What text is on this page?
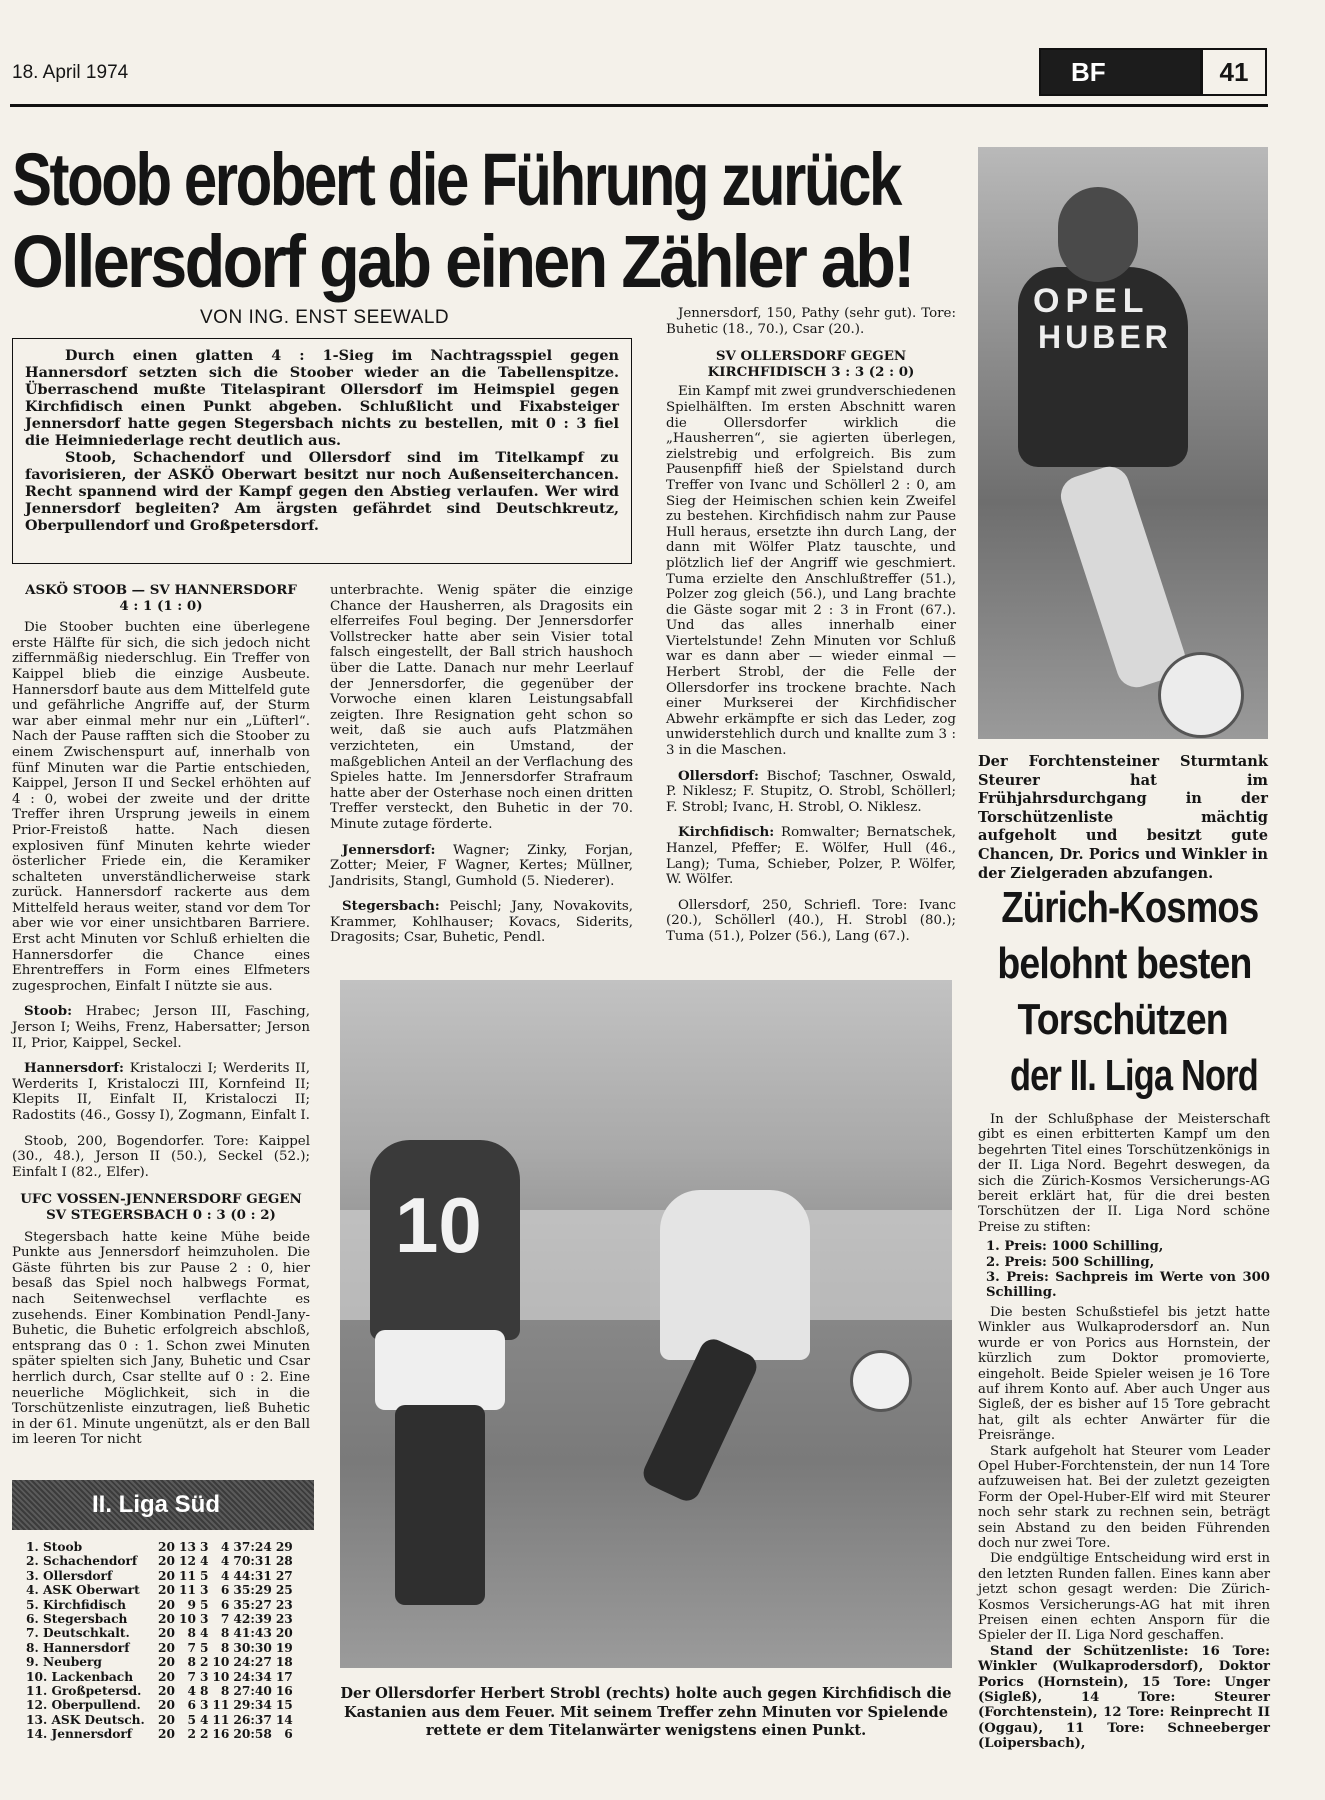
18. April 1974	BF	41
Stoob erobert die Führung zurück
Ollersdorf gab einen Zähler ab!
VON ING. ENST SEEWALD

Durch einen glatten 4 : 1-Sieg im Nachtragsspiel gegen Hannersdorf setzten sich die Stoober wieder an die Tabellenspitze. Überraschend mußte Titelaspirant Ollersdorf im Heimspiel gegen Kirchfidisch einen Punkt abgeben. Schlußlicht und Fixabsteiger Jennersdorf hatte gegen Stegersbach nichts zu bestellen, mit 0 : 3 fiel die Heimniederlage recht deutlich aus.

Stoob, Schachendorf und Ollersdorf sind im Titelkampf zu favorisieren, der ASKÖ Oberwart besitzt nur noch Außenseiterchancen. Recht spannend wird der Kampf gegen den Abstieg verlaufen. Wer wird Jennersdorf begleiten? Am ärgsten gefährdet sind Deutschkreutz, Oberpullendorf und Großpetersdorf.

ASKÖ STOOB — SV HANNERSDORF
4 : 1 (1 : 0)

Die Stoober buchten eine überlegene erste Hälfte für sich, die sich jedoch nicht ziffernmäßig niederschlug. Ein Treffer von Kaippel blieb die einzige Ausbeute. Hannersdorf baute aus dem Mittelfeld gute und gefährliche Angriffe auf, der Sturm war aber einmal mehr nur ein „Lüfterl“. Nach der Pause rafften sich die Stoober zu einem Zwischenspurt auf, innerhalb von fünf Minuten war die Partie entschieden, Kaippel, Jerson II und Seckel erhöhten auf 4 : 0, wobei der zweite und der dritte Treffer ihren Ursprung jeweils in einem Prior-Freistoß hatte. Nach diesen explosiven fünf Minuten kehrte wieder österlicher Friede ein, die Keramiker schalteten unverständlicherweise stark zurück. Hannersdorf rackerte aus dem Mittelfeld heraus weiter, stand vor dem Tor aber wie vor einer unsichtbaren Barriere. Erst acht Minuten vor Schluß erhielten die Hannersdorfer die Chance eines Ehrentreffers in Form eines Elfmeters zugesprochen, Einfalt I nützte sie aus.

Stoob: Hrabec; Jerson III, Fasching, Jerson I; Weihs, Frenz, Habersatter; Jerson II, Prior, Kaippel, Seckel.

Hannersdorf: Kristaloczi I; Werderits II, Werderits I, Kristaloczi III, Kornfeind II; Klepits II, Einfalt II, Kristaloczi II; Radostits (46., Gossy I), Zogmann, Einfalt I.

Stoob, 200, Bogendorfer. Tore: Kaippel (30., 48.), Jerson II (50.), Seckel (52.); Einfalt I (82., Elfer).

UFC VOSSEN-JENNERSDORF GEGEN SV STEGERSBACH 0 : 3 (0 : 2)

Stegersbach hatte keine Mühe beide Punkte aus Jennersdorf heimzuholen. Die Gäste führten bis zur Pause 2 : 0, hier besaß das Spiel noch halbwegs Format, nach Seitenwechsel verflachte es zusehends. Einer Kombination Pendl-Jany-Buhetic, die Buhetic erfolgreich abschloß, entsprang das 0 : 1. Schon zwei Minuten später spielten sich Jany, Buhetic und Csar herrlich durch, Csar stellte auf 0 : 2. Eine neuerliche Möglichkeit, sich in die Torschützenliste einzutragen, ließ Buhetic in der 61. Minute ungenützt, als er den Ball im leeren Tor nicht

II. Liga Süd
1. Stoob	20	13	3	4	37:24	29
2. Schachendorf	20	12	4	4	70:31	28
3. Ollersdorf	20	11	5	4	44:31	27
4. ASK Oberwart	20	11	3	6	35:29	25
5. Kirchfidisch	20	9	5	6	35:27	23
6. Stegersbach	20	10	3	7	42:39	23
7. Deutschkalt.	20	8	4	8	41:43	20
8. Hannersdorf	20	7	5	8	30:30	19
9. Neuberg	20	8	2	10	24:27	18
10. Lackenbach	20	7	3	10	24:34	17
11. Großpetersd.	20	4	8	8	27:40	16
12. Oberpullend.	20	6	3	11	29:34	15
13. ASK Deutsch.	20	5	4	11	26:37	14
14. Jennersdorf	20	2	2	16	20:58	6

unterbrachte. Wenig später die einzige Chance der Hausherren, als Dragosits ein elferreifes Foul beging. Der Jennersdorfer Vollstrecker hatte aber sein Visier total falsch eingestellt, der Ball strich haushoch über die Latte. Danach nur mehr Leerlauf der Jennersdorfer, die gegenüber der Vorwoche einen klaren Leistungsabfall zeigten. Ihre Resignation geht schon so weit, daß sie auch aufs Platzmähen verzichteten, ein Umstand, der maßgeblichen Anteil an der Verflachung des Spieles hatte. Im Jennersdorfer Strafraum hatte aber der Osterhase noch einen dritten Treffer versteckt, den Buhetic in der 70. Minute zutage förderte.

Jennersdorf: Wagner; Zinky, Forjan, Zotter; Meier, F Wagner, Kertes; Müllner, Jandrisits, Stangl, Gumhold (5. Niederer).

Stegersbach: Peischl; Jany, Novakovits, Krammer, Kohlhauser; Kovacs, Siderits, Dragosits; Csar, Buhetic, Pendl.

Jennersdorf, 150, Pathy (sehr gut). Tore: Buhetic (18., 70.), Csar (20.).

SV OLLERSDORF GEGEN KIRCHFIDISCH 3 : 3 (2 : 0)

Ein Kampf mit zwei grundverschiedenen Spielhälften. Im ersten Abschnitt waren die Ollersdorfer wirklich die „Hausherren“, sie agierten überlegen, zielstrebig und erfolgreich. Bis zum Pausenpfiff hieß der Spielstand durch Treffer von Ivanc und Schöllerl 2 : 0, am Sieg der Heimischen schien kein Zweifel zu bestehen. Kirchfidisch nahm zur Pause Hull heraus, ersetzte ihn durch Lang, der dann mit Wölfer Platz tauschte, und plötzlich lief der Angriff wie geschmiert. Tuma erzielte den Anschlußtreffer (51.), Polzer zog gleich (56.), und Lang brachte die Gäste sogar mit 2 : 3 in Front (67.). Und das alles innerhalb einer Viertelstunde! Zehn Minuten vor Schluß war es dann aber — wieder einmal — Herbert Strobl, der die Felle der Ollersdorfer ins trockene brachte. Nach einer Murkserei der Kirchfidischer Abwehr erkämpfte er sich das Leder, zog unwiderstehlich durch und knallte zum 3 : 3 in die Maschen.

Ollersdorf: Bischof; Taschner, Oswald, P. Niklesz; F. Stupitz, O. Strobl, Schöllerl; F. Strobl; Ivanc, H. Strobl, O. Niklesz.

Kirchfidisch: Romwalter; Bernatschek, Hanzel, Pfeffer; E. Wölfer, Hull (46., Lang); Tuma, Schieber, Polzer, P. Wölfer, W. Wölfer.

Ollersdorf, 250, Schriefl. Tore: Ivanc (20.), Schöllerl (40.), H. Strobl (80.); Tuma (51.), Polzer (56.), Lang (67.).

OPEL
HUBER
Der Forchtensteiner Sturmtank Steurer hat im Frühjahrsdurchgang in der Torschützenliste mächtig aufgeholt und besitzt gute Chancen, Dr. Porics und Winkler in der Zielgeraden abzufangen.
Zürich-Kosmos
belohnt besten
Torschützen
der II. Liga Nord

In der Schlußphase der Meisterschaft gibt es einen erbitterten Kampf um den begehrten Titel eines Torschützenkönigs in der II. Liga Nord. Begehrt deswegen, da sich die Zürich-Kosmos Versicherungs-AG bereit erklärt hat, für die drei besten Torschützen der II. Liga Nord schöne Preise zu stiften:

1. Preis: 1000 Schilling,
2. Preis: 500 Schilling,
3. Preis: Sachpreis im Werte von 300 Schilling.

Die besten Schußstiefel bis jetzt hatte Winkler aus Wulkaprodersdorf an. Nun wurde er von Porics aus Hornstein, der kürzlich zum Doktor promovierte, eingeholt. Beide Spieler weisen je 16 Tore auf ihrem Konto auf. Aber auch Unger aus Sigleß, der es bisher auf 15 Tore gebracht hat, gilt als echter Anwärter für die Preisränge.

Stark aufgeholt hat Steurer vom Leader Opel Huber-Forchtenstein, der nun 14 Tore aufzuweisen hat. Bei der zuletzt gezeigten Form der Opel-Huber-Elf wird mit Steurer noch sehr stark zu rechnen sein, beträgt sein Abstand zu den beiden Führenden doch nur zwei Tore.

Die endgültige Entscheidung wird erst in den letzten Runden fallen. Eines kann aber jetzt schon gesagt werden: Die Zürich-Kosmos Versicherungs-AG hat mit ihren Preisen einen echten Ansporn für die Spieler der II. Liga Nord geschaffen.

Stand der Schützenliste: 16 Tore: Winkler (Wulkaprodersdorf), Doktor Porics (Hornstein), 15 Tore: Unger (Sigleß), 14 Tore: Steurer (Forchtenstein), 12 Tore: Reinprecht II (Oggau), 11 Tore: Schneeberger (Loipersbach),

10
Der Ollersdorfer Herbert Strobl (rechts) holte auch gegen Kirchfidisch die Kastanien aus dem Feuer. Mit seinem Treffer zehn Minuten vor Spielende rettete er dem Titelanwärter wenigstens einen Punkt.
